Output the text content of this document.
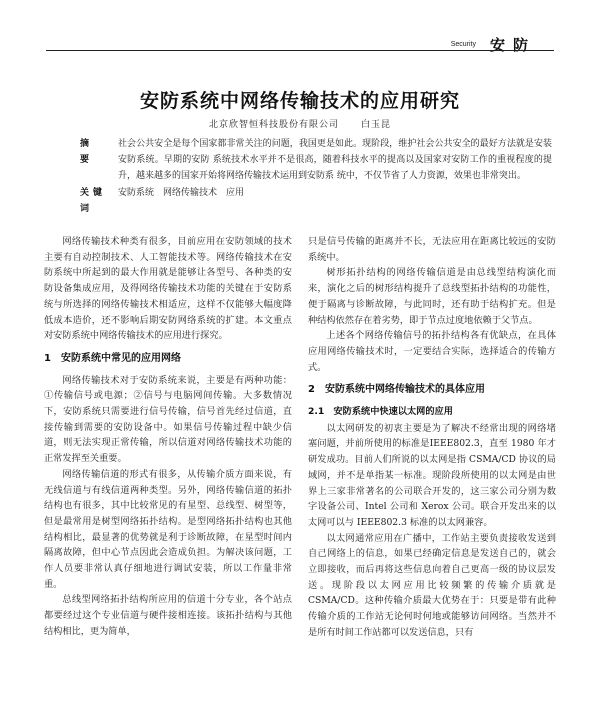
Security 安防
安防系统中网络传输技术的应用研究
北京欣智恒科技股份有限公司 白玉昆
摘　要
社会公共安全是每个国家都非常关注的问题，我国更是如此。现阶段，维护社会公共安全的最好方法就是安装安防系统。早期的安防 系统技术水平并不是很高，随着科技水平的提高以及国家对安防工作的重视程度的提升，越来越多的国家开始将网络传输技术运用到安防系 统中，不仅节省了人力资源，效果也非常突出。
关键词
安防系统　网络传输技术　应用

网络传输技术种类有很多，目前应用在安防领域的技术主要有自动控制技术、人工智能技术等。网络传输技术在安防系统中所起到的最大作用就是能够让各型号、各种类的安防设备集成应用，及得网络传输技术功能的关键在于安防系统与所选择的网络传输技术相适应，这样不仅能够大幅度降低成本造价，还不影响后期安防网络系统的扩建。本文重点对安防系统中网络传输技术的应用进行探究。

1 安防系统中常见的应用网络

网络传输技术对于安防系统来说，主要是有两种功能：①传输信号或电源；②信号与电脑网间传输。大多数情况下，安防系统只需要进行信号传输，信号首先经过信道，直接传输到需要的安防设备中。如果信号传输过程中缺少信道，则无法实现正常传输，所以信道对网络传输技术功能的正常发挥至关重要。

网络传输信道的形式有很多，从传输介质方面来说，有无线信道与有线信道两种类型。另外，网络传输信道的拓扑结构也有很多，其中比较常见的有星型、总线型、树型等，但是最常用是树型网络拓扑结构。是型网络拓扑结构也其他结构相比，最显著的优势就是利于诊断故障，在星型时间内隔离故障，但中心节点因此会造成负担。为解决该问题，工作人员要非常认真仔细地进行调试安装，所以工作量非常重。

总线型网络拓扑结构所应用的信道十分专业，各个站点都要经过这个专业信道与硬件接相连接。该拓扑结构与其他结构相比，更为简单，

只是信号传输的距离并不长，无法应用在距离比较远的安防系统中。

树形拓扑结构的网络传输信道是由总线型结构演化而来，演化之后的树形结构提升了总线型拓扑结构的功能性，便于隔离与诊断故障，与此同时，还有助于结构扩充。但是种结构依然存在着劣势，即于节点过度地依赖于父节点。

上述各个网络传输信号的拓扑结构各有优缺点，在具体应用网络传输技术时，一定要结合实际，选择适合的传输方式。

2 安防系统中网络传输技术的具体应用
2.1　安防系统中快速以太网的应用

以太网研发的初衷主要是为了解决不经常出现的网络堵塞问题，并前所使用的标准是IEEE802.3，直至 1980 年才研发成功。目前人们所说的以太网是指 CSMA/CD 协议的局域网，并不是单指某一标准。现阶段所使用的以太网是由世界上三家非常著名的公司联合开发的，这三家公司分别为数字设备公司、Intel 公司和 Xerox 公司。联合开发出来的以太网可以与 IEEE802.3 标准的以太网兼容。

以太网通常应用在广播中，工作站主要负责接收发送到自己网络上的信息，如果已经确定信息是发送自己的，就会立即接收，而后再将这些信息向着自己更高一级的协议层发送。现阶段以太网应用比较频繁的传输介质就是 CSMA/CD。这种传输介质最大优势在于：只要是带有此种传输介质的工作站无论何时何地或能够访问网络。当然并不是所有时间工作站都可以发送信息，只有
